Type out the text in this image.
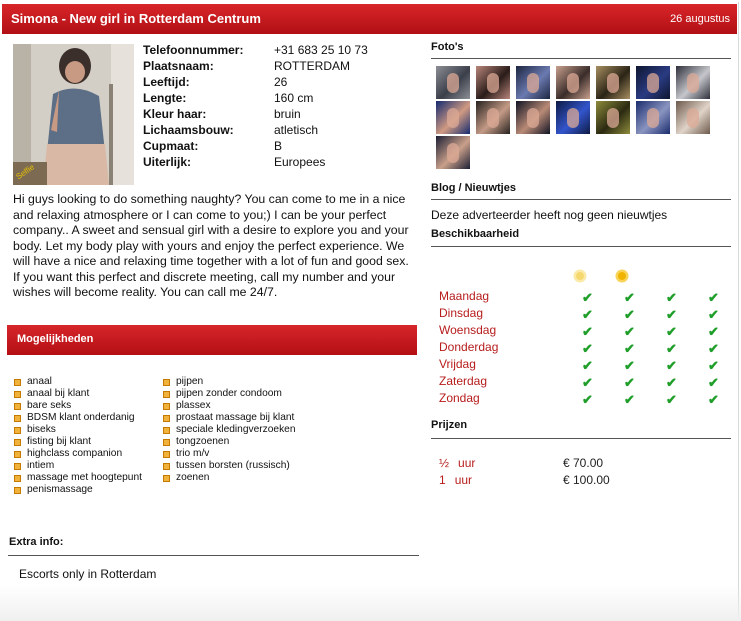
Simona - New girl in Rotterdam Centrum	26 augustus
Selfie
Telefoonnummer:	+31 683 25 10 73
Plaatsnaam:	ROTTERDAM
Leeftijd:	26
Lengte:	160 cm
Kleur haar:	bruin
Lichaamsbouw:	atletisch
Cupmaat:	B
Uiterlijk:	Europees
Hi guys looking to do something naughty? You can come to me in a nice and relaxing atmosphere or I can come to you;) I can be your perfect company.. A sweet and sensual girl with a desire to explore you and your body. Let my body play with yours and enjoy the perfect experience. We will have a nice and relaxing time together with a lot of fun and good sex. If you want this perfect and discrete meeting, call my number and your wishes will become reality. You can call me 24/7.
Mogelijkheden
anaal
anaal bij klant
bare seks
BDSM klant onderdanig
biseks
fisting bij klant
highclass companion
intiem
massage met hoogtepunt
penismassage
pijpen
pijpen zonder condoom
plassex
prostaat massage bij klant
speciale kledingverzoeken
tongzoenen
trio m/v
tussen borsten (russisch)
zoenen
Extra info:
Escorts only in Rotterdam
Foto's
Blog / Nieuwtjes
Deze adverteerder heeft nog geen nieuwtjes
Beschikbaarheid
Maandag	✔ ✔ ✔ ✔
Dinsdag	✔ ✔ ✔ ✔
Woensdag	✔ ✔ ✔ ✔
Donderdag	✔ ✔ ✔ ✔
Vrijdag	✔ ✔ ✔ ✔
Zaterdag	✔ ✔ ✔ ✔
Zondag	✔ ✔ ✔ ✔
Prijzen
½ uur	€ 70.00
1 uur	€ 100.00
